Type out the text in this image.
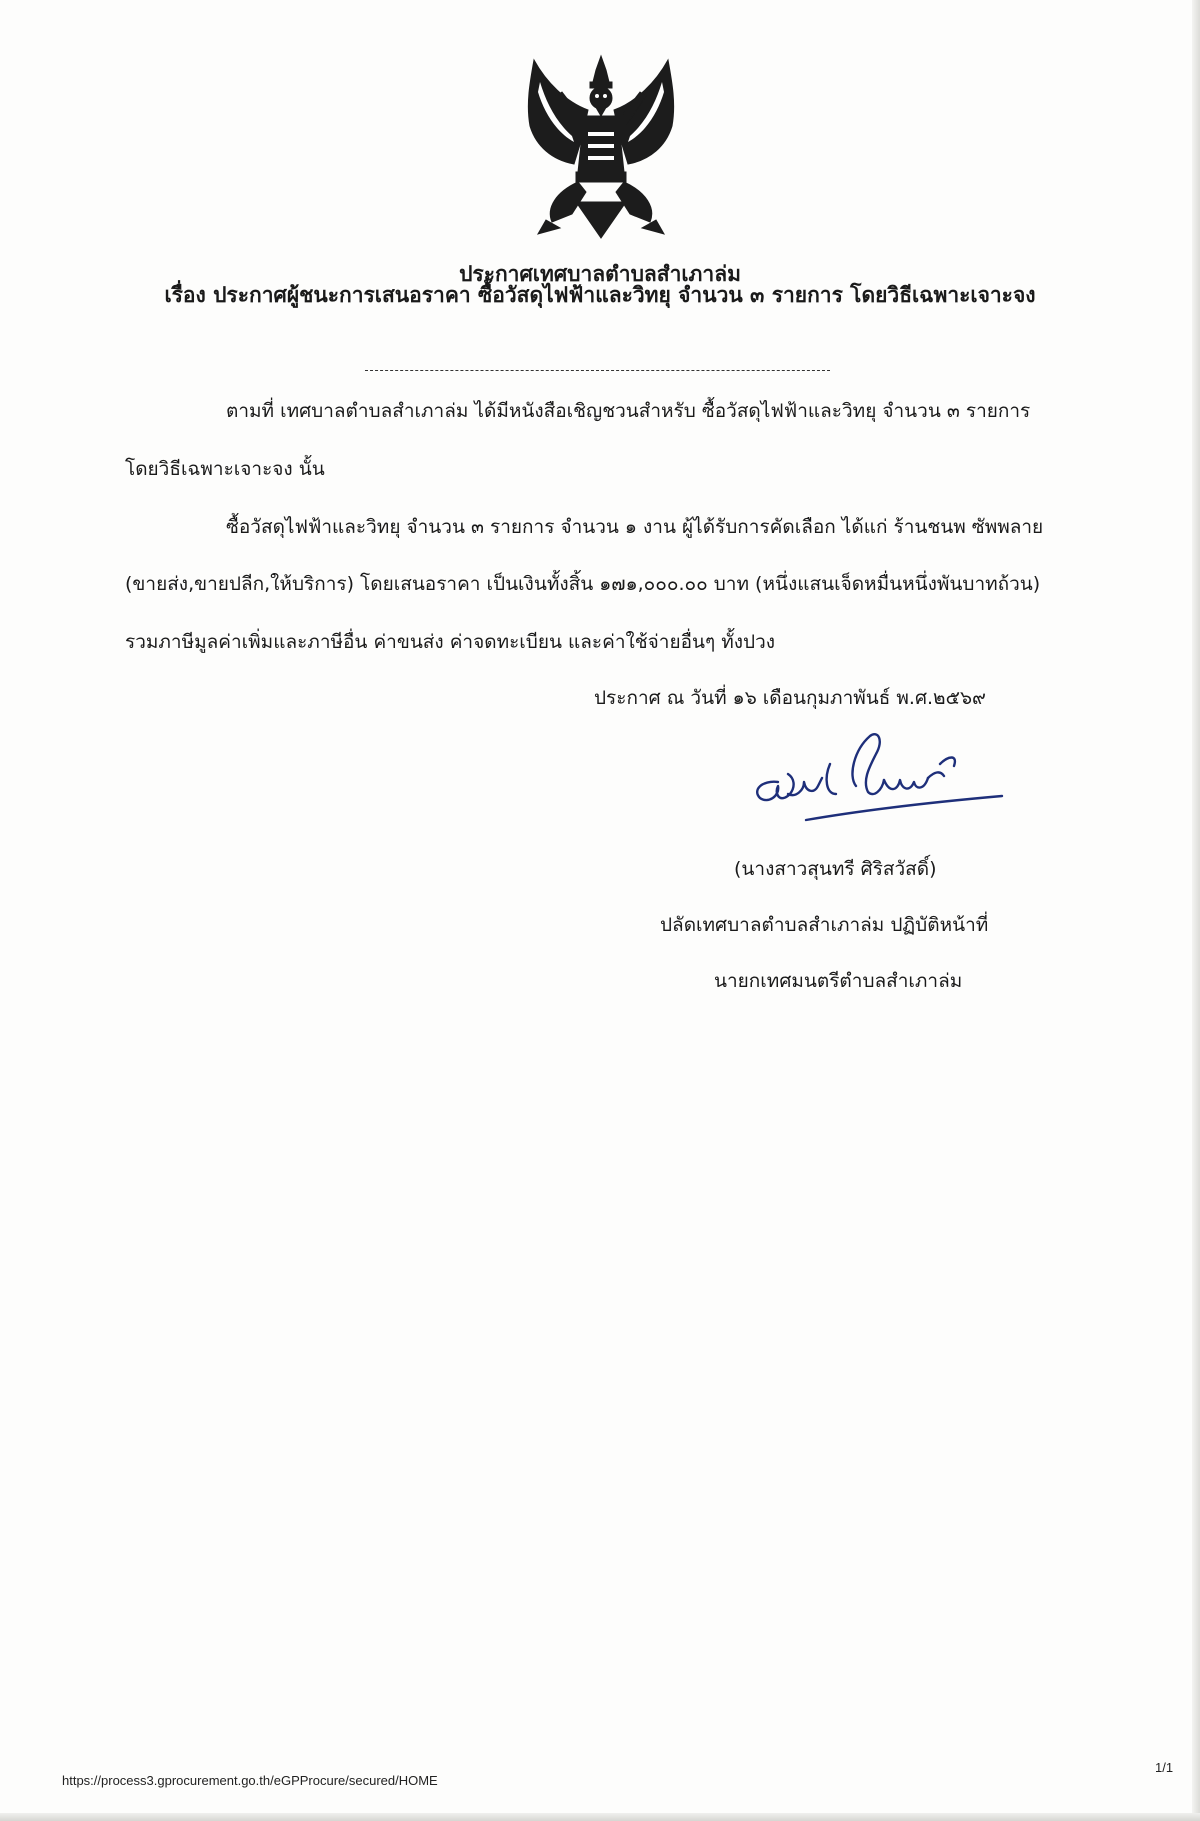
ประกาศเทศบาลตำบลสำเภาล่ม
เรื่อง ประกาศผู้ชนะการเสนอราคา ซื้อวัสดุไฟฟ้าและวิทยุ จำนวน ๓ รายการ โดยวิธีเฉพาะเจาะจง
ตามที่ เทศบาลตำบลสำเภาล่ม ได้มีหนังสือเชิญชวนสำหรับ ซื้อวัสดุไฟฟ้าและวิทยุ จำนวน ๓ รายการ
โดยวิธีเฉพาะเจาะจง นั้น
ซื้อวัสดุไฟฟ้าและวิทยุ จำนวน ๓ รายการ จำนวน ๑ งาน ผู้ได้รับการคัดเลือก ได้แก่ ร้านชนพ ซัพพลาย
(ขายส่ง,ขายปลีก,ให้บริการ) โดยเสนอราคา เป็นเงินทั้งสิ้น ๑๗๑,๐๐๐.๐๐ บาท (หนึ่งแสนเจ็ดหมื่นหนึ่งพันบาทถ้วน)
รวมภาษีมูลค่าเพิ่มและภาษีอื่น ค่าขนส่ง ค่าจดทะเบียน และค่าใช้จ่ายอื่นๆ ทั้งปวง
ประกาศ ณ วันที่ ๑๖ เดือนกุมภาพันธ์ พ.ศ.๒๕๖๙
(นางสาวสุนทรี ศิริสวัสดิ์)
ปลัดเทศบาลตำบลสำเภาล่ม ปฏิบัติหน้าที่
นายกเทศมนตรีตำบลสำเภาล่ม
https://process3.gprocurement.go.th/eGPProcure/secured/HOME
1/1
